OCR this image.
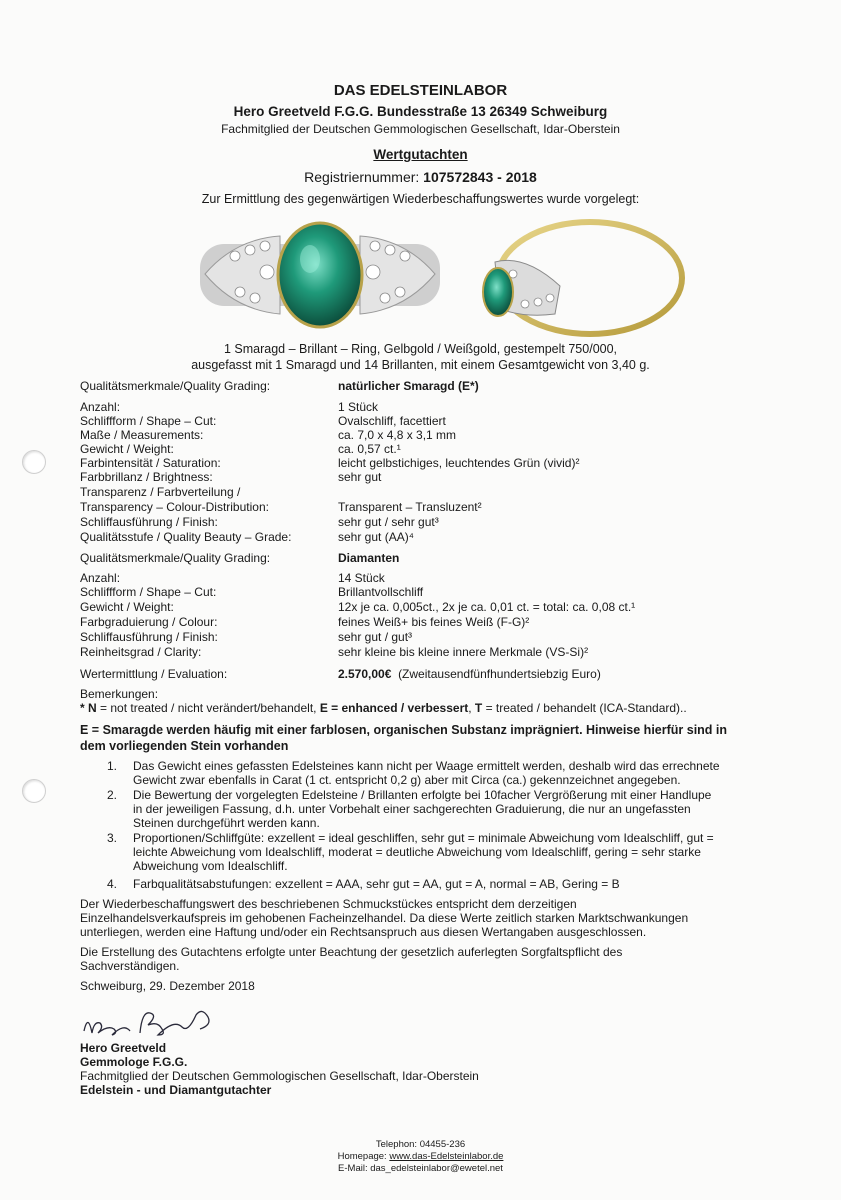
DAS EDELSTEINLABOR
Hero Greetveld F.G.G. Bundesstraße 13 26349 Schweiburg
Fachmitglied der Deutschen Gemmologischen Gesellschaft, Idar-Oberstein
Wertgutachten
Registriernummer: 107572843 - 2018
Zur Ermittlung des gegenwärtigen Wiederbeschaffungswertes wurde vorgelegt:
1 Smaragd – Brillant – Ring, Gelbgold / Weißgold, gestempelt 750/000,
ausgefasst mit 1 Smaragd und 14 Brillanten, mit einem Gesamtgewicht von 3,40 g.
Qualitätsmerkmale/Quality Grading:	natürlicher Smaragd (E*)
Anzahl:	1 Stück
Schliffform / Shape – Cut:	Ovalschliff, facettiert
Maße / Measurements:	ca. 7,0 x 4,8 x 3,1 mm
Gewicht / Weight:	ca. 0,57 ct.¹
Farbintensität / Saturation:	leicht gelbstichiges, leuchtendes Grün (vivid)²
Farbbrillanz / Brightness:	sehr gut
Transparenz / Farbverteilung /
Transparency – Colour-Distribution:	Transparent – Transluzent²
Schliffausführung / Finish:	sehr gut / sehr gut³
Qualitätsstufe / Quality Beauty – Grade:	sehr gut (AA)⁴
Qualitätsmerkmale/Quality Grading:	Diamanten
Anzahl:	14 Stück
Schliffform / Shape – Cut:	Brillantvollschliff
Gewicht / Weight:	12x je ca. 0,005ct., 2x je ca. 0,01 ct. = total: ca. 0,08 ct.¹
Farbgraduierung / Colour:	feines Weiß+ bis feines Weiß (F-G)²
Schliffausführung / Finish:	sehr gut / gut³
Reinheitsgrad / Clarity:	sehr kleine bis kleine innere Merkmale (VS-Si)²
Wertermittlung / Evaluation:	2.570,00€ (Zweitausendfünfhundertsiebzig Euro)
Bemerkungen:
* N = not treated / nicht verändert/behandelt, E = enhanced / verbessert, T = treated / behandelt (ICA-Standard)..
E = Smaragde werden häufig mit einer farblosen, organischen Substanz imprägniert. Hinweise hierfür sind in
dem vorliegenden Stein vorhanden
1. Das Gewicht eines gefassten Edelsteines kann nicht per Waage ermittelt werden, deshalb wird das errechnete
Gewicht zwar ebenfalls in Carat (1 ct. entspricht 0,2 g) aber mit Circa (ca.) gekennzeichnet angegeben.
2. Die Bewertung der vorgelegten Edelsteine / Brillanten erfolgte bei 10facher Vergrößerung mit einer Handlupe
in der jeweiligen Fassung, d.h. unter Vorbehalt einer sachgerechten Graduierung, die nur an ungefassten
Steinen durchgeführt werden kann.
3. Proportionen/Schliffgüte: exzellent = ideal geschliffen, sehr gut = minimale Abweichung vom Idealschliff, gut =
leichte Abweichung vom Idealschliff, moderat = deutliche Abweichung vom Idealschliff, gering = sehr starke
Abweichung vom Idealschliff.
4. Farbqualitätsabstufungen: exzellent = AAA, sehr gut = AA, gut = A, normal = AB, Gering = B
Der Wiederbeschaffungswert des beschriebenen Schmuckstückes entspricht dem derzeitigen
Einzelhandelsverkaufspreis im gehobenen Facheinzelhandel. Da diese Werte zeitlich starken Marktschwankungen
unterliegen, werden eine Haftung und/oder ein Rechtsanspruch aus diesen Wertangaben ausgeschlossen.
Die Erstellung des Gutachtens erfolgte unter Beachtung der gesetzlich auferlegten Sorgfaltspflicht des
Sachverständigen.
Schweiburg, 29. Dezember 2018
Hero Greetveld
Gemmologe F.G.G.
Fachmitglied der Deutschen Gemmologischen Gesellschaft, Idar-Oberstein
Edelstein - und Diamantgutachter
Telephon: 04455-236
Homepage: www.das-Edelsteinlabor.de
E-Mail: das_edelsteinlabor@ewetel.net
